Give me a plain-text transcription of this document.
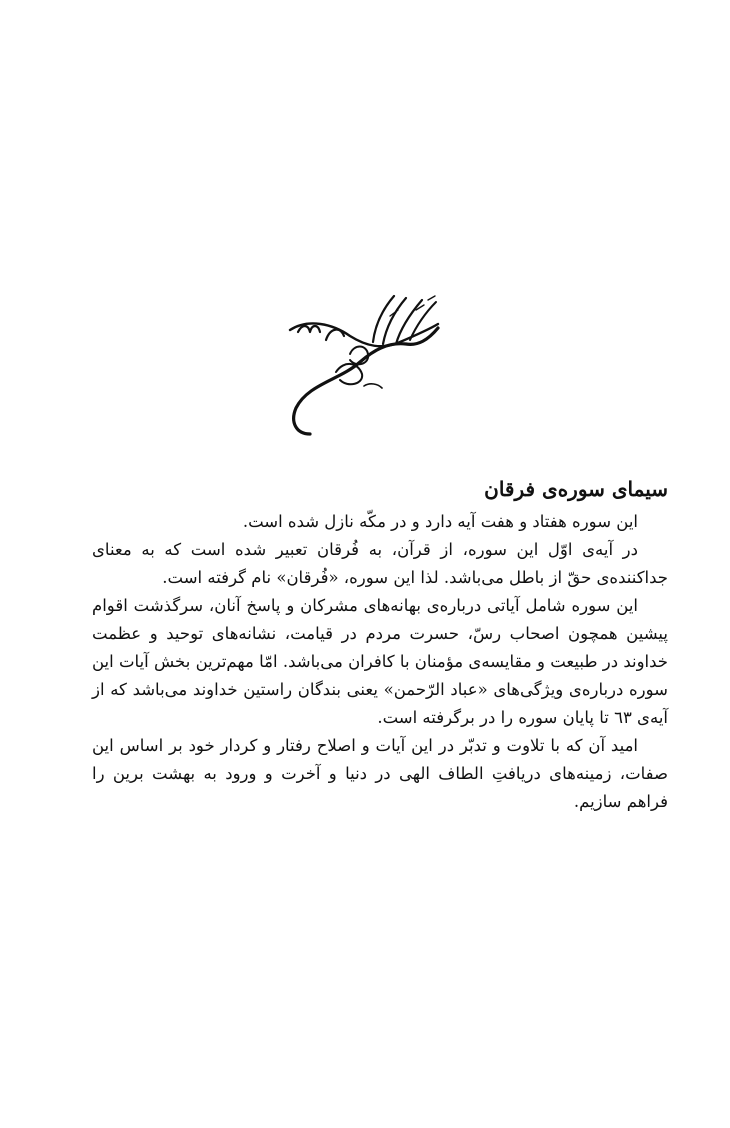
سیمای سوره‌ی فرقان

این سوره هفتاد و هفت آیه دارد و در مکّه نازل شده است.

در آیه‌ی اوّل این سوره، از قرآن، به فُرقان تعبیر شده است که به معنای جداکننده‌ی حقّ از باطل می‌باشد. لذا این سوره، «فُرقان» نام گرفته است.

این سوره شامل آیاتی درباره‌ی بهانه‌های مشرکان و پاسخ آنان، سرگذشت اقوام پیشین همچون اصحاب رسّ، حسرت مردم در قیامت، نشانه‌های توحید و عظمت خداوند در طبیعت و مقایسه‌ی مؤمنان با کافران می‌باشد. امّا مهم‌ترین بخش آیات این سوره درباره‌ی ویژگی‌های «عباد الرّحمن» یعنی بندگان راستین خداوند می‌باشد که از آیه‌ی ٦٣ تا پایان سوره را در برگرفته است.

امید آن که با تلاوت و تدبّر در این آیات و اصلاح رفتار و کردار خود بر اساس این صفات، زمینه‌های دریافتِ الطاف الهی در دنیا و آخرت و ورود به بهشت برین را فراهم سازیم.
